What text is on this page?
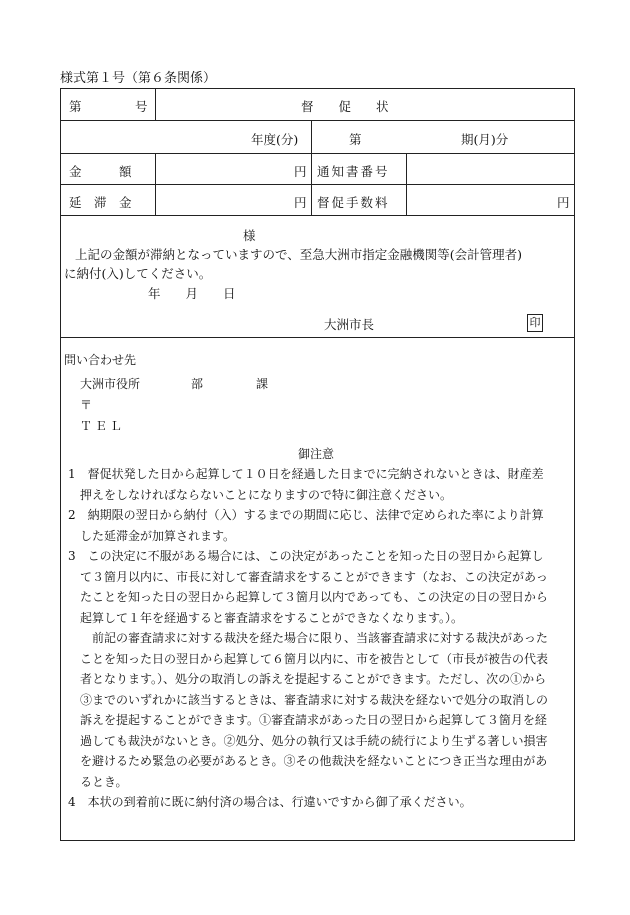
様式第１号（第６条関係）
第	号	督　　促　　状
年度(分)	第	期(月)分
金　　　額	円 通知書番号
延　滞　金	円 督促手数料	円
様
上記の金額が滞納となっていますので、至急大洲市指定金融機関等(会計管理者)
に納付(入)してください。
年　　月　　日
大洲市長	印
問い合わせ先
大洲市役所	部	課
〒
ＴＥＬ
御注意
1　督促状発した日から起算して１０日を経過した日までに完納されないときは、財産差
　押えをしなければならないことになりますので特に御注意ください。
2　納期限の翌日から納付（入）するまでの期間に応じ、法律で定められた率により計算
　した延滞金が加算されます。
3　この決定に不服がある場合には、この決定があったことを知った日の翌日から起算し
　て３箇月以内に、市長に対して審査請求をすることができます（なお、この決定があっ
　たことを知った日の翌日から起算して３箇月以内であっても、この決定の日の翌日から
　起算して１年を経過すると審査請求をすることができなくなります。）。
　　前記の審査請求に対する裁決を経た場合に限り、当該審査請求に対する裁決があった
　ことを知った日の翌日から起算して６箇月以内に、市を被告として（市長が被告の代表
　者となります。）、処分の取消しの訴えを提起することができます。ただし、次の①から
　③までのいずれかに該当するときは、審査請求に対する裁決を経ないで処分の取消しの
　訴えを提起することができます。①審査請求があった日の翌日から起算して３箇月を経
　過しても裁決がないとき。②処分、処分の執行又は手続の続行により生ずる著しい損害
　を避けるため緊急の必要があるとき。③その他裁決を経ないことにつき正当な理由があ
　るとき。
4　本状の到着前に既に納付済の場合は、行違いですから御了承ください。
